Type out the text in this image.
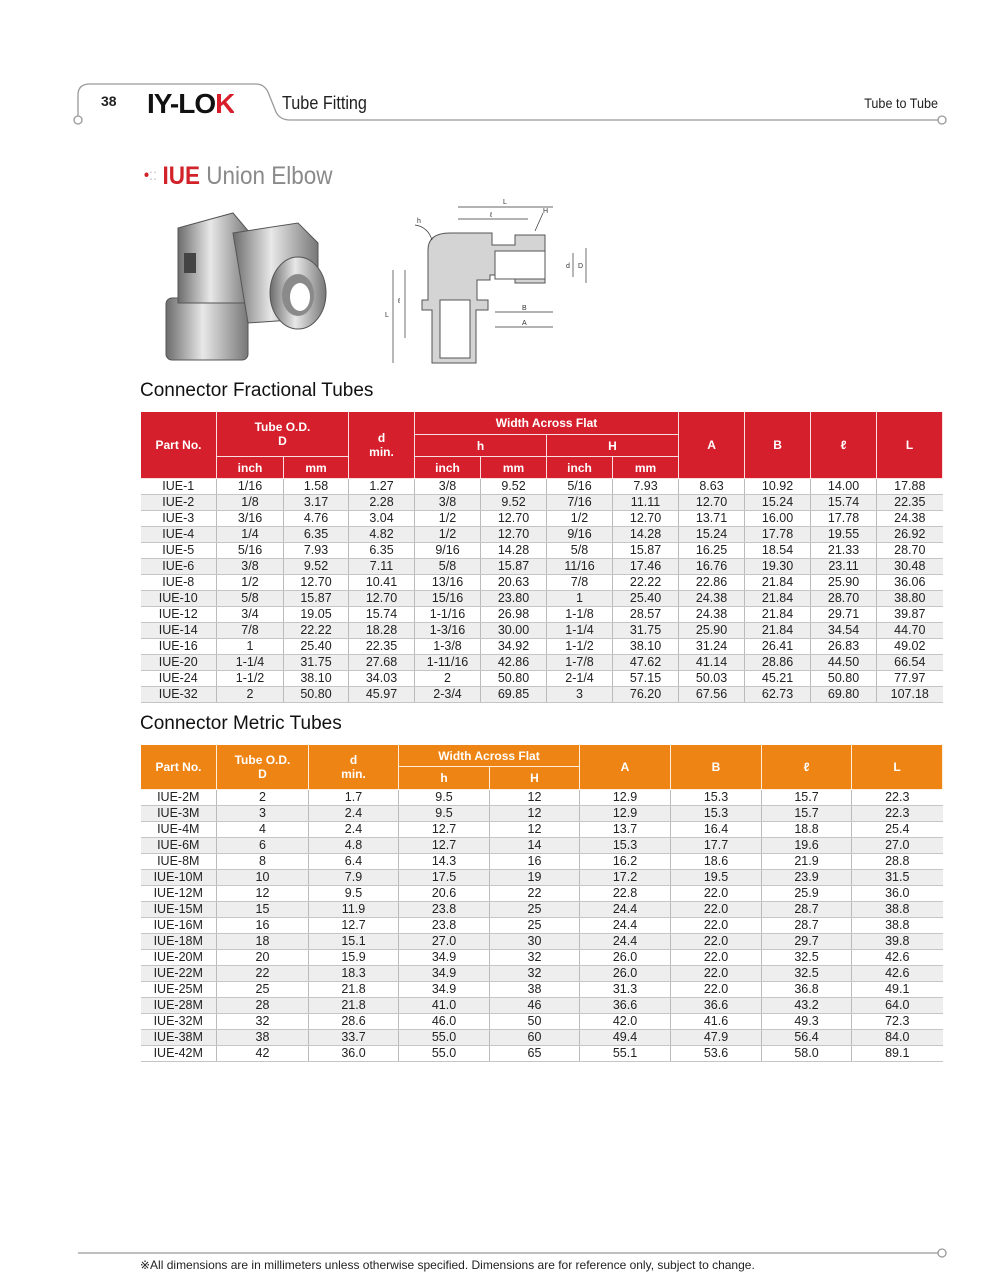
38 IY-LOK	Tube Fitting	Tube to Tube
•:: IUE Union Elbow
L
ℓ
H
h
d D
B
A
L
ℓ
Connector Fractional Tubes
Part No.	Tube O.D.
D		d
min.	Width Across Flat				A	B	ℓ	L
				h		H					
	inch	mm		inch	mm	inch	mm				
IUE-1	1/16	1.58	1.27	3/8	9.52	5/16	7.93	8.63	10.92	14.00	17.88
IUE-2	1/8	3.17	2.28	3/8	9.52	7/16	11.11	12.70	15.24	15.74	22.35
IUE-3	3/16	4.76	3.04	1/2	12.70	1/2	12.70	13.71	16.00	17.78	24.38
IUE-4	1/4	6.35	4.82	1/2	12.70	9/16	14.28	15.24	17.78	19.55	26.92
IUE-5	5/16	7.93	6.35	9/16	14.28	5/8	15.87	16.25	18.54	21.33	28.70
IUE-6	3/8	9.52	7.11	5/8	15.87	11/16	17.46	16.76	19.30	23.11	30.48
IUE-8	1/2	12.70	10.41	13/16	20.63	7/8	22.22	22.86	21.84	25.90	36.06
IUE-10	5/8	15.87	12.70	15/16	23.80	1	25.40	24.38	21.84	28.70	38.80
IUE-12	3/4	19.05	15.74	1-1/16	26.98	1-1/8	28.57	24.38	21.84	29.71	39.87
IUE-14	7/8	22.22	18.28	1-3/16	30.00	1-1/4	31.75	25.90	21.84	34.54	44.70
IUE-16	1	25.40	22.35	1-3/8	34.92	1-1/2	38.10	31.24	26.41	26.83	49.02
IUE-20	1-1/4	31.75	27.68	1-11/16	42.86	1-7/8	47.62	41.14	28.86	44.50	66.54
IUE-24	1-1/2	38.10	34.03	2	50.80	2-1/4	57.15	50.03	45.21	50.80	77.97
IUE-32	2	50.80	45.97	2-3/4	69.85	3	76.20	67.56	62.73	69.80	107.18
Connector Metric Tubes
Part No.	Tube O.D.
D	d
min.	Width Across Flat		A	B	ℓ	L
			h	H				
IUE-2M	2	1.7	9.5	12	12.9	15.3	15.7	22.3
IUE-3M	3	2.4	9.5	12	12.9	15.3	15.7	22.3
IUE-4M	4	2.4	12.7	12	13.7	16.4	18.8	25.4
IUE-6M	6	4.8	12.7	14	15.3	17.7	19.6	27.0
IUE-8M	8	6.4	14.3	16	16.2	18.6	21.9	28.8
IUE-10M	10	7.9	17.5	19	17.2	19.5	23.9	31.5
IUE-12M	12	9.5	20.6	22	22.8	22.0	25.9	36.0
IUE-15M	15	11.9	23.8	25	24.4	22.0	28.7	38.8
IUE-16M	16	12.7	23.8	25	24.4	22.0	28.7	38.8
IUE-18M	18	15.1	27.0	30	24.4	22.0	29.7	39.8
IUE-20M	20	15.9	34.9	32	26.0	22.0	32.5	42.6
IUE-22M	22	18.3	34.9	32	26.0	22.0	32.5	42.6
IUE-25M	25	21.8	34.9	38	31.3	22.0	36.8	49.1
IUE-28M	28	21.8	41.0	46	36.6	36.6	43.2	64.0
IUE-32M	32	28.6	46.0	50	42.0	41.6	49.3	72.3
IUE-38M	38	33.7	55.0	60	49.4	47.9	56.4	84.0
IUE-42M	42	36.0	55.0	65	55.1	53.6	58.0	89.1
※All dimensions are in millimeters unless otherwise specified. Dimensions are for reference only, subject to change.
